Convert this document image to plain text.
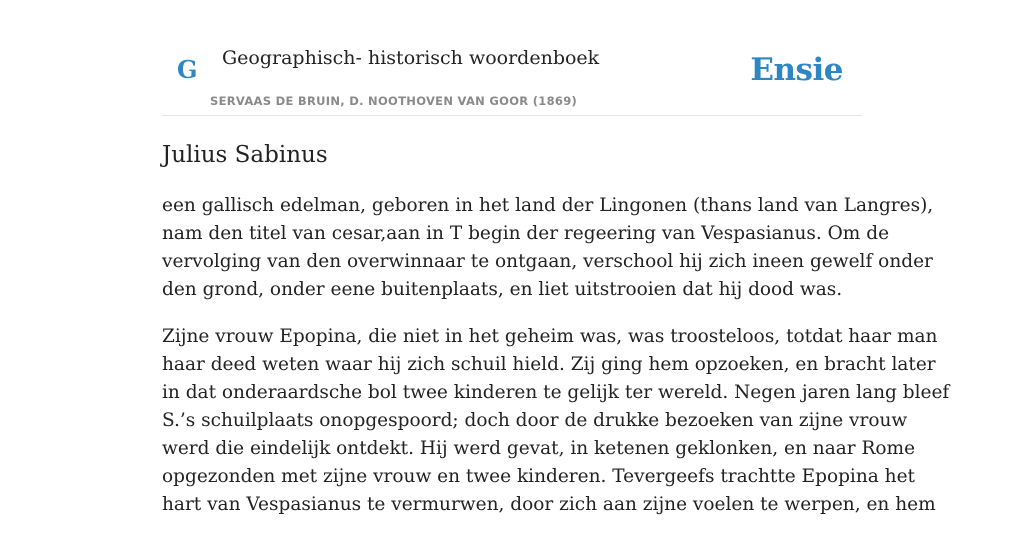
G Geographisch- historisch woordenboek
SERVAAS DE BRUIN, D. NOOTHOVEN VAN GOOR (1869)
Ensie
Julius Sabinus

een gallisch edelman, geboren in het land der Lingonen (thans land van Langres),
nam den titel van cesar,aan in T begin der regeering van Vespasianus. Om de
vervolging van den overwinnaar te ontgaan, verschool hij zich ineen gewelf onder
den grond, onder eene buitenplaats, en liet uitstrooien dat hij dood was.

Zijne vrouw Epopina, die niet in het geheim was, was troosteloos, totdat haar man
haar deed weten waar hij zich schuil hield. Zij ging hem opzoeken, en bracht later
in dat onderaardsche bol twee kinderen te gelijk ter wereld. Negen jaren lang bleef
S.’s schuilplaats onopgespoord; doch door de drukke bezoeken van zijne vrouw
werd die eindelijk ontdekt. Hij werd gevat, in ketenen geklonken, en naar Rome
opgezonden met zijne vrouw en twee kinderen. Tevergeefs trachtte Epopina het
hart van Vespasianus te vermurwen, door zich aan zijne voelen te werpen, en hem
